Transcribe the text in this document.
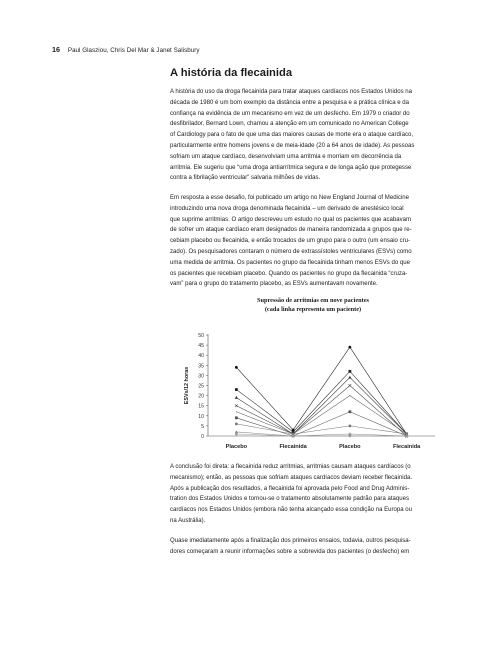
16 Paul Glasziou, Chris Del Mar & Janet Salisbury
A história da flecainida
A história do uso da droga flecainida para tratar ataques cardíacos nos Estados Unidos na
década de 1980 é um bom exemplo da distância entre a pesquisa e a prática clínica e da
confiança na evidência de um mecanismo em vez de um desfecho. Em 1979 o criador do
desfibrilador, Bernard Lown, chamou a atenção em um comunicado no American College
of Cardiology para o fato de que uma das maiores causas de morte era o ataque cardíaco,
particularmente entre homens jovens e de meia-idade (20 a 64 anos de idade). As pessoas
sofriam um ataque cardíaco, desenvolviam uma arritmia e morriam em decorrência da
arritmia. Ele sugeriu que “uma droga antiarrítmica segura e de longa ação que protegesse
contra a fibrilação ventricular” salvaria milhões de vidas.
Em resposta a esse desafio, foi publicado um artigo no New England Journal of Medicine
introduzindo uma nova droga denominada flecainida – um derivado de anestésico local
que suprime arritmias. O artigo descreveu um estudo no qual os pacientes que acabavam
de sofrer um ataque cardíaco eram designados de maneira randomizada a grupos que re-
cebiam placebo ou flecainida, e então trocados de um grupo para o outro (um ensaio cru-
zado). Os pesquisadores contaram o número de extrassístoles ventriculares (ESVs) como
uma medida de arritmia. Os pacientes no grupo da flecainida tinham menos ESVs do que
os pacientes que recebiam placebo. Quando os pacientes no grupo da flecainida “cruza-
vam” para o grupo do tratamento placebo, as ESVs aumentavam novamente.
Supressão de arritmias em nove pacientes
(cada linha representa um paciente)
0
5
10
15
20
25
30
35
40
45
50
ESVs/12 horas
Placebo	Flecainida	Placebo	Flecainida
A conclusão foi direta: a flecainida reduz arritmias, arritmias causam ataques cardíacos (o
mecanismo); então, as pessoas que sofriam ataques cardíacos deviam receber flecainida.
Após a publicação dos resultados, a flecainida foi aprovada pelo Food and Drug Adminis-
tration dos Estados Unidos e tornou-se o tratamento absolutamente padrão para ataques
cardíacos nos Estados Unidos (embora não tenha alcançado essa condição na Europa ou
na Austrália).
Quase imediatamente após a finalização dos primeiros ensaios, todavia, outros pesquisa-
dores começaram a reunir informações sobre a sobrevida dos pacientes (o desfecho) em
